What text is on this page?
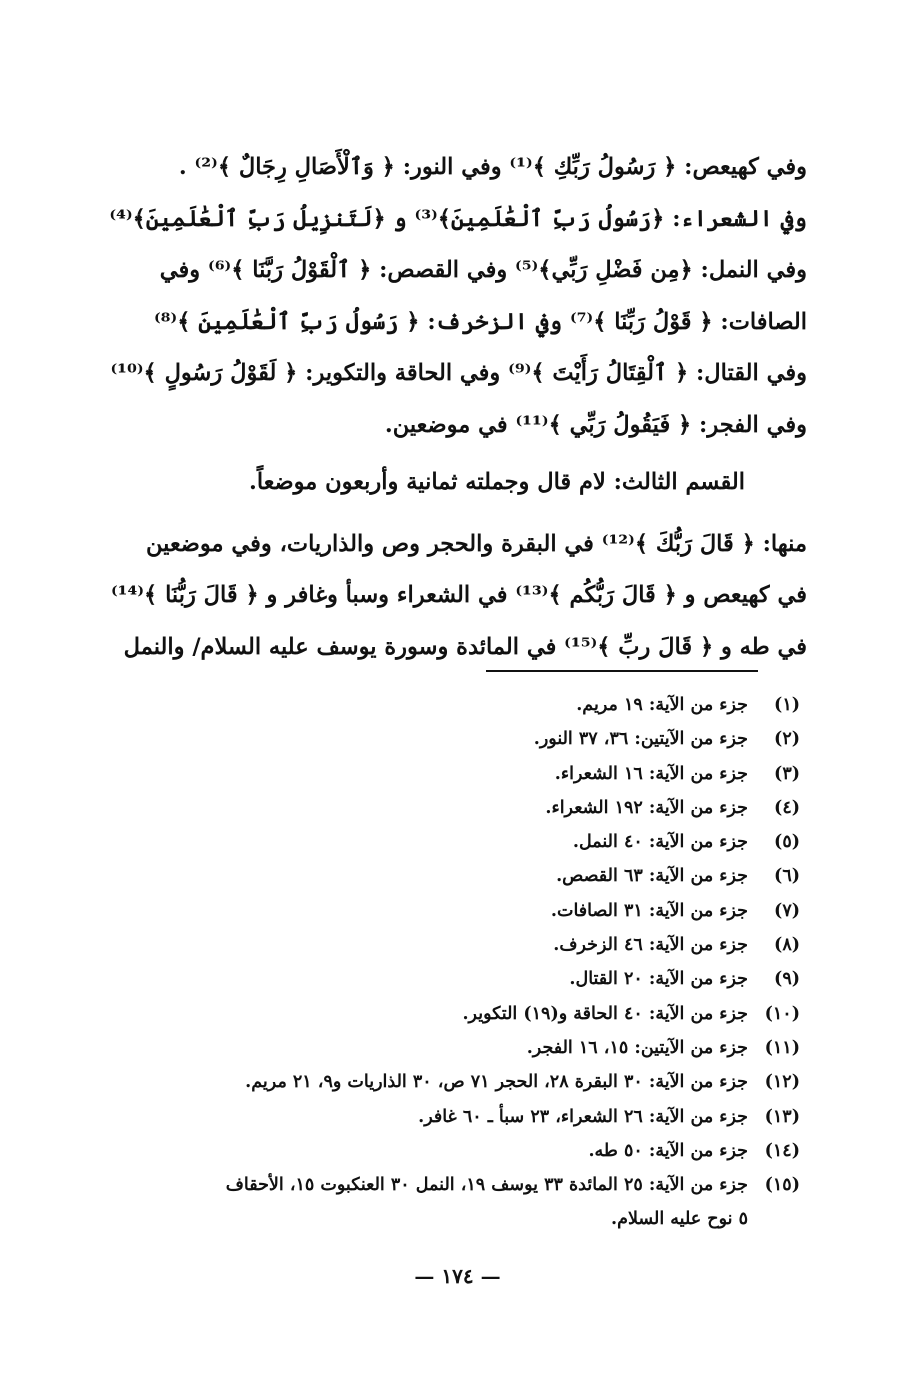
وفي كهيعص: ﴿ رَسُولُ رَبِّكِ ﴾⁽¹⁾ وفي النور: ﴿ وَٱلْأَصَالِ رِجَالٌ ﴾⁽²⁾ .
وفي الشعراء: ﴿رَسُولُ رَبِّ ٱلْعَٰلَمِينَ﴾⁽³⁾ و ﴿لَتَنزِيلُ رَبِّ ٱلْعَٰلَمِينَ﴾⁽⁴⁾
وفي النمل: ﴿مِن فَضْلِ رَبِّي﴾⁽⁵⁾ وفي القصص: ﴿ ٱلْقَوْلُ رَبَّنَا ﴾⁽⁶⁾ وفي
الصافات: ﴿ قَوْلُ رَبِّنَا ﴾⁽⁷⁾ وفي الزخرف: ﴿ رَسُولُ رَبِّ ٱلْعَٰلَمِينَ ﴾⁽⁸⁾
وفي القتال: ﴿ ٱلْقِتَالُ رَأَيْتَ ﴾⁽⁹⁾ وفي الحاقة والتكوير: ﴿ لَقَوْلُ رَسُولٍ ﴾⁽¹⁰⁾
وفي الفجر: ﴿ فَيَقُولُ رَبِّي ﴾⁽¹¹⁾ في موضعين.
القسم الثالث: لام قال وجملته ثمانية وأربعون موضعاً.
منها: ﴿ قَالَ رَبُّكَ ﴾⁽¹²⁾ في البقرة والحجر وص والذاريات، وفي موضعين
في كهيعص و ﴿ قَالَ رَبُّكُم ﴾⁽¹³⁾ في الشعراء وسبأ وغافر و ﴿ قَالَ رَبُّنَا ﴾⁽¹⁴⁾
في طه و ﴿ قَالَ ربِّ ﴾⁽¹⁵⁾ في المائدة وسورة يوسف عليه السلام/ والنمل
(١)
جزء من الآية: ١٩ مريم.
(٢)
جزء من الآيتين: ٣٦، ٣٧ النور.
(٣)
جزء من الآية: ١٦ الشعراء.
(٤)
جزء من الآية: ١٩٢ الشعراء.
(٥)
جزء من الآية: ٤٠ النمل.
(٦)
جزء من الآية: ٦٣ القصص.
(٧)
جزء من الآية: ٣١ الصافات.
(٨)
جزء من الآية: ٤٦ الزخرف.
(٩)
جزء من الآية: ٢٠ القتال.
(١٠)
جزء من الآية: ٤٠ الحاقة و(١٩) التكوير.
(١١)
جزء من الآيتين: ١٥، ١٦ الفجر.
(١٢)
جزء من الآية: ٣٠ البقرة ٢٨، الحجر ٧١ ص، ٣٠ الذاريات و٩، ٢١ مريم.
(١٣)
جزء من الآية: ٢٦ الشعراء، ٢٣ سبأ ـ ٦٠ غافر.
(١٤)
جزء من الآية: ٥٠ طه.
(١٥)
جزء من الآية: ٢٥ المائدة ٣٣ يوسف ١٩، النمل ٣٠ العنكبوت ١٥، الأحقاف
٥ نوح عليه السلام.
— ١٧٤ —
